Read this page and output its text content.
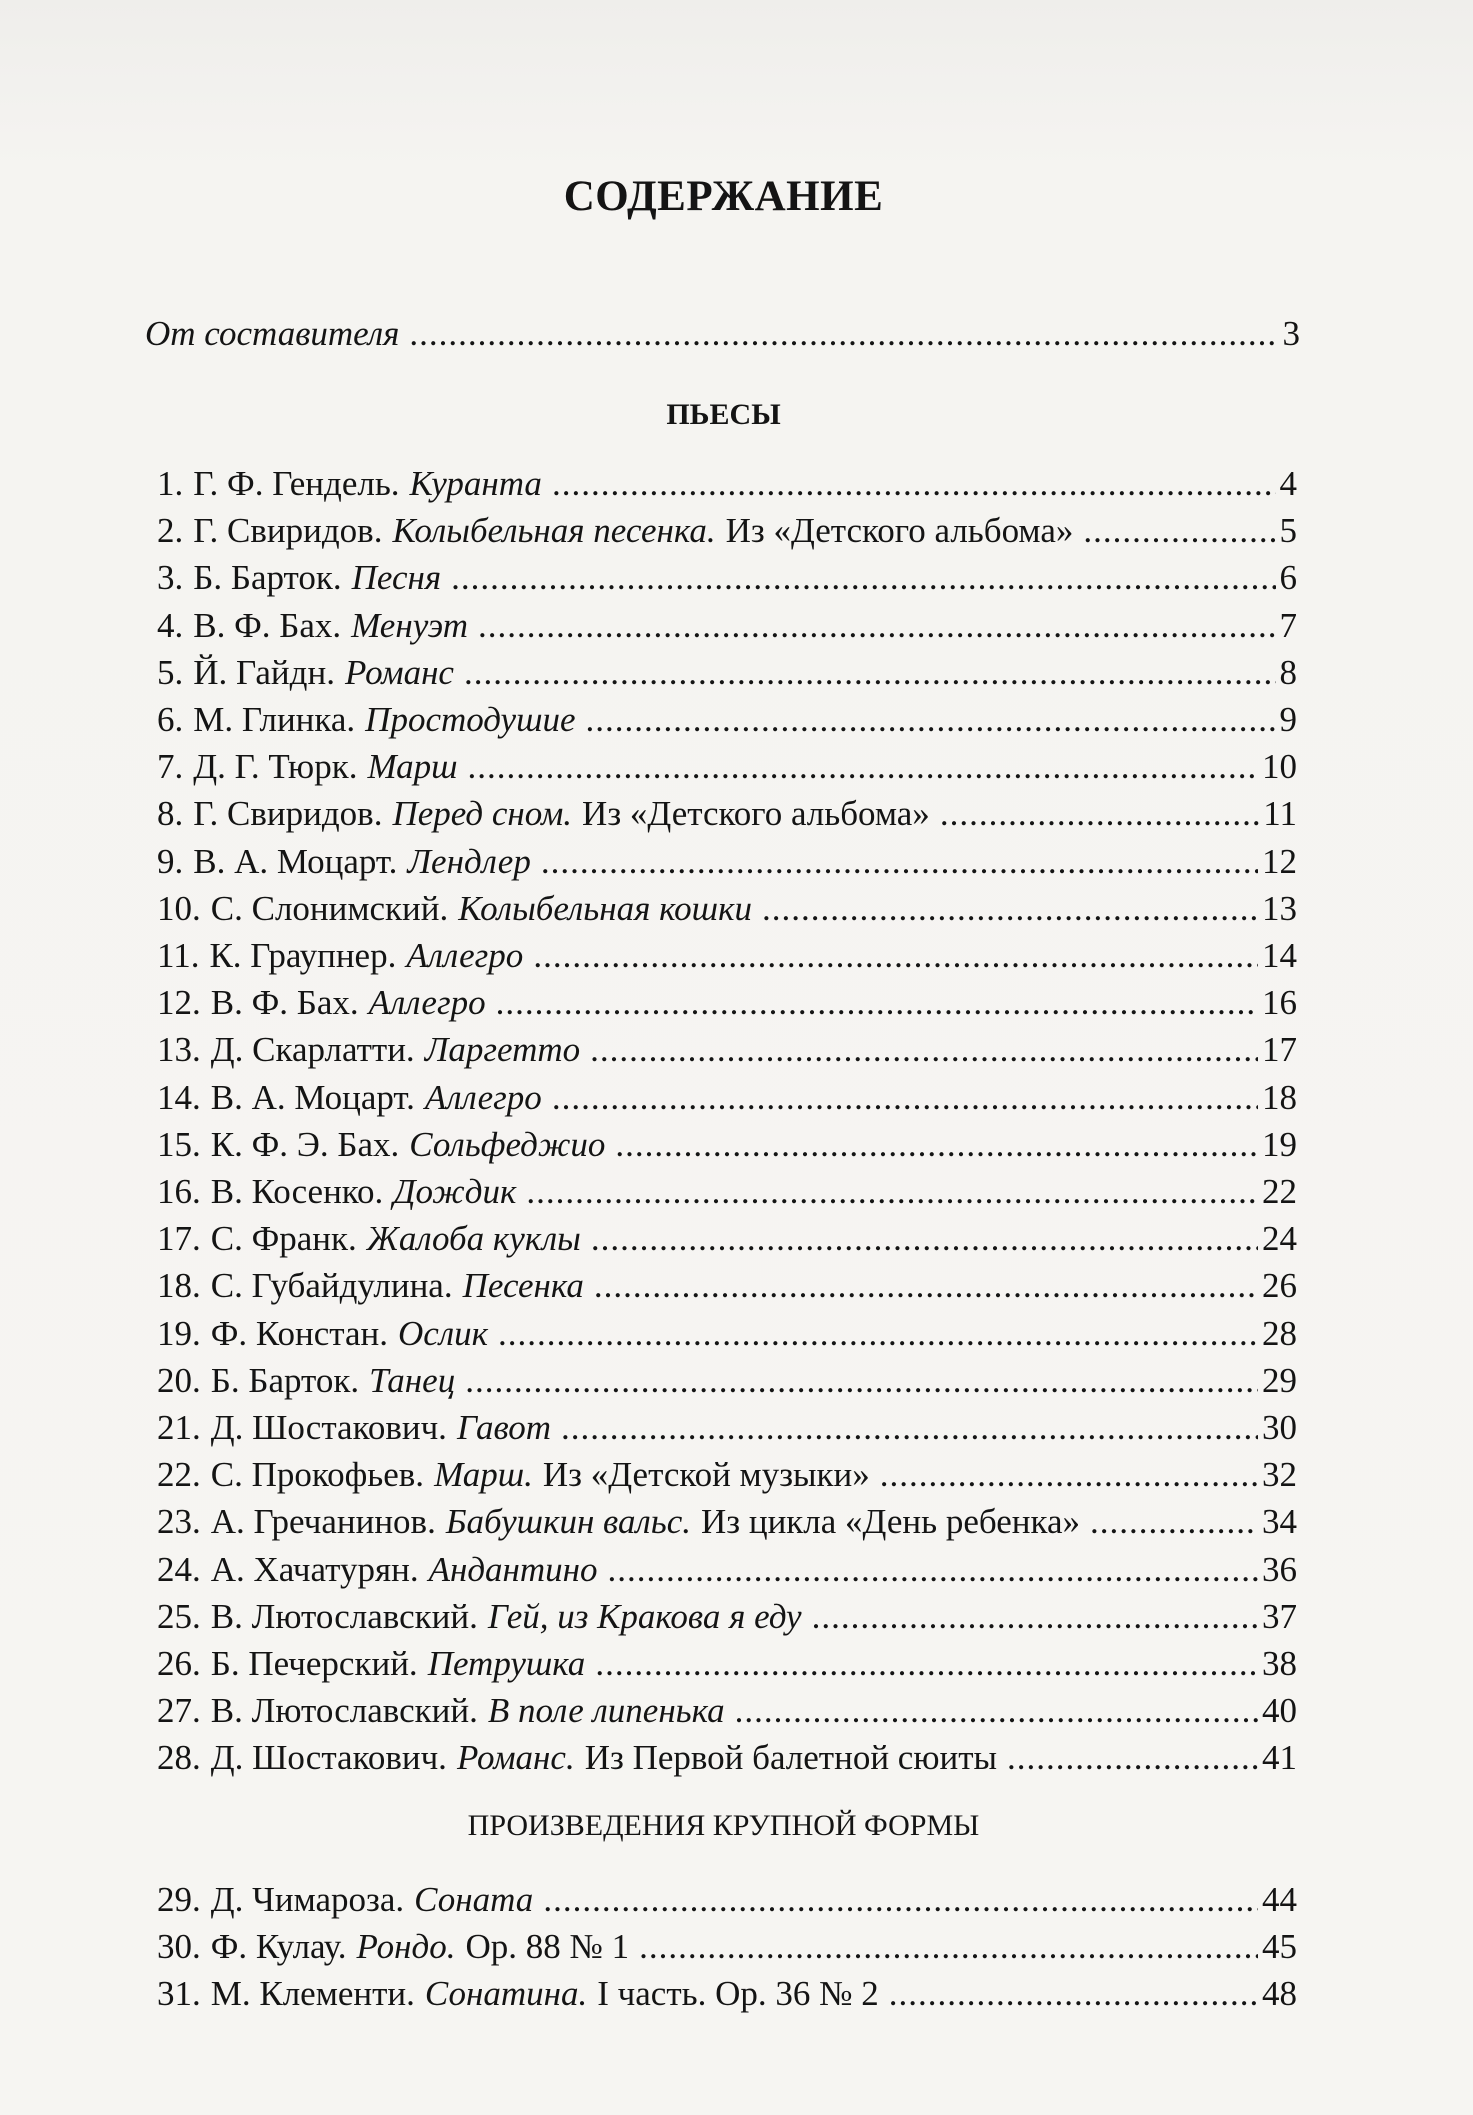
СОДЕРЖАНИЕ
От составителя .....	3
ПЬЕСЫ
1. Г. Ф. Гендель. Куранта .....	4
2. Г. Свиридов. Колыбельная песенка. Из «Детского альбома» .....	5
3. Б. Барток. Песня .....	6
4. В. Ф. Бах. Менуэт .....	7
5. Й. Гайдн. Романс .....	8
6. М. Глинка. Простодушие .....	9
7. Д. Г. Тюрк. Марш .....	10
8. Г. Свиридов. Перед сном. Из «Детского альбома» .....	11
9. В. А. Моцарт. Лендлер .....	12
10. С. Слонимский. Колыбельная кошки .....	13
11. К. Граупнер. Аллегро .....	14
12. В. Ф. Бах. Аллегро .....	16
13. Д. Скарлатти. Ларгетто .....	17
14. В. А. Моцарт. Аллегро .....	18
15. К. Ф. Э. Бах. Сольфеджио .....	19
16. В. Косенко. Дождик .....	22
17. С. Франк. Жалоба куклы .....	24
18. С. Губайдулина. Песенка .....	26
19. Ф. Констан. Ослик .....	28
20. Б. Барток. Танец .....	29
21. Д. Шостакович. Гавот .....	30
22. С. Прокофьев. Марш. Из «Детской музыки» .....	32
23. А. Гречанинов. Бабушкин вальс. Из цикла «День ребенка» .....	34
24. А. Хачатурян. Андантино .....	36
25. В. Лютославский. Гей, из Кракова я еду .....	37
26. Б. Печерский. Петрушка .....	38
27. В. Лютославский. В поле липенька .....	40
28. Д. Шостакович. Романс. Из Первой балетной сюиты .....	41
ПРОИЗВЕДЕНИЯ КРУПНОЙ ФОРМЫ
29. Д. Чимароза. Соната .....	44
30. Ф. Кулау. Рондо. Ор. 88 № 1 .....	45
31. М. Клементи. Сонатина. I часть. Ор. 36 № 2 .....	48
